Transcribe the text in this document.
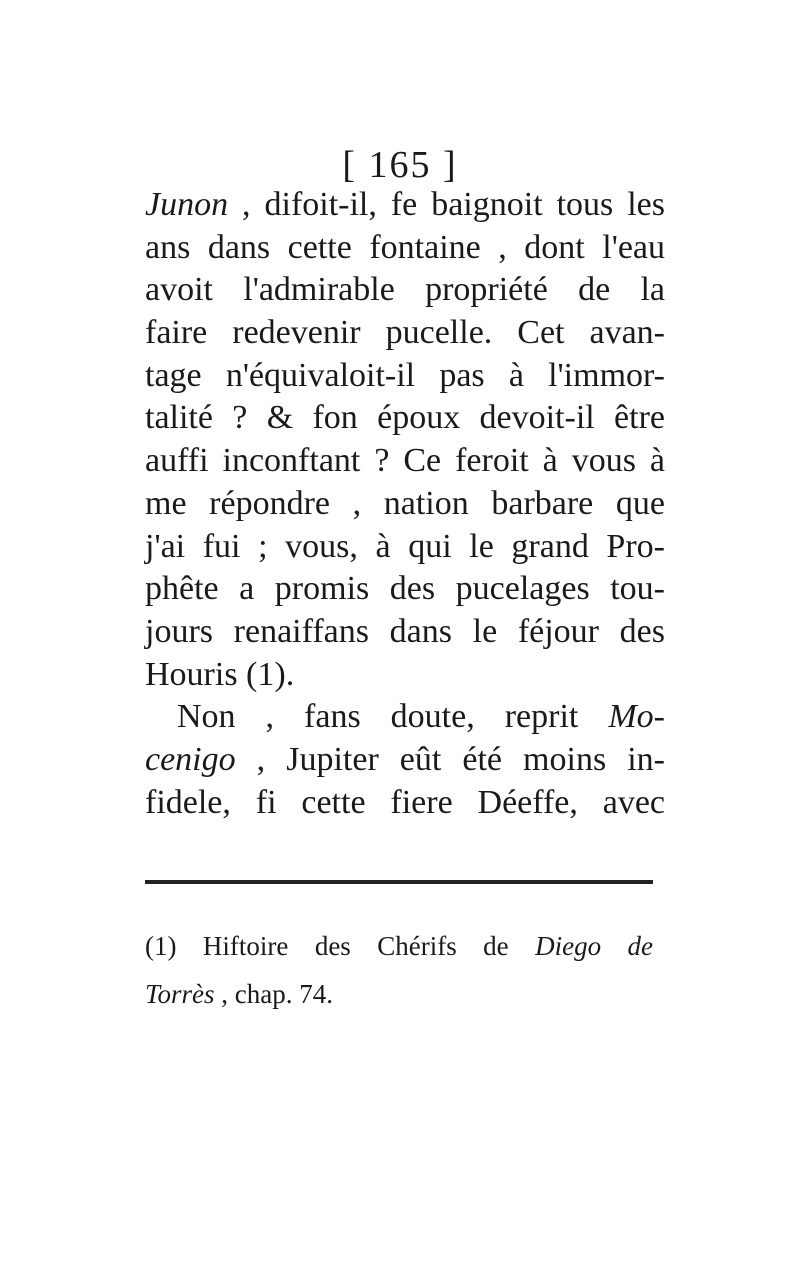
[ 165 ]
Junon , difoit-il, fe baignoit tous les
ans dans cette fontaine , dont l'eau
avoit l'admirable propriété de la
faire redevenir pucelle. Cet avan-
tage n'équivaloit-il pas à l'immor-
talité ? & fon époux devoit-il être
auffi inconftant ? Ce feroit à vous à
me répondre , nation barbare que
j'ai fui ; vous, à qui le grand Pro-
phête a promis des pucelages tou-
jours renaiffans dans le féjour des
Houris (1).
Non , fans doute, reprit Mo-
cenigo , Jupiter eût été moins in-
fidele, fi cette fiere Déeffe, avec
(1) Hiftoire des Chérifs de Diego de
Torrès , chap. 74.
